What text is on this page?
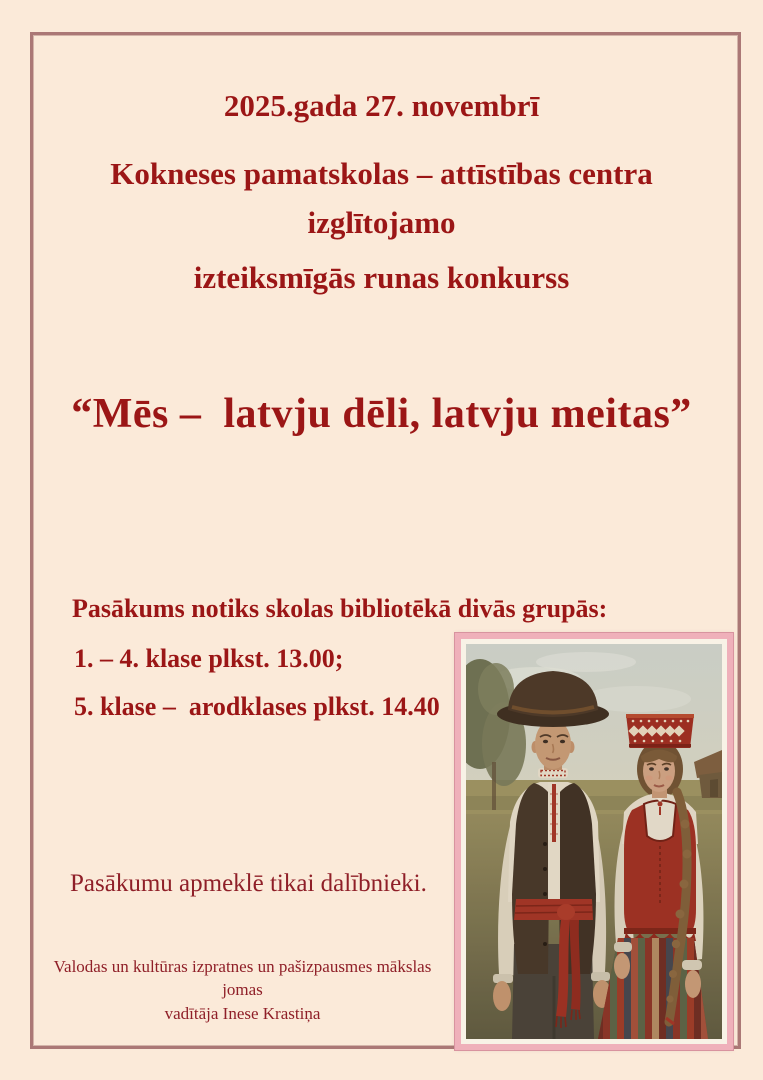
2025.gada 27. novembrī
Kokneses pamatskolas – attīstības centra izglītojamo
izteiksmīgās runas konkurss
“Mēs –  latvju dēli, latvju meitas”
Pasākums notiks skolas bibliotēkā divās grupās:
1. – 4. klase plkst. 13.00;
5. klase –  arodklases plkst. 14.40
Pasākumu apmeklē tikai dalībnieki.
Valodas un kultūras izpratnes un pašizpausmes mākslas jomas
vadītāja Inese Krastiņa
